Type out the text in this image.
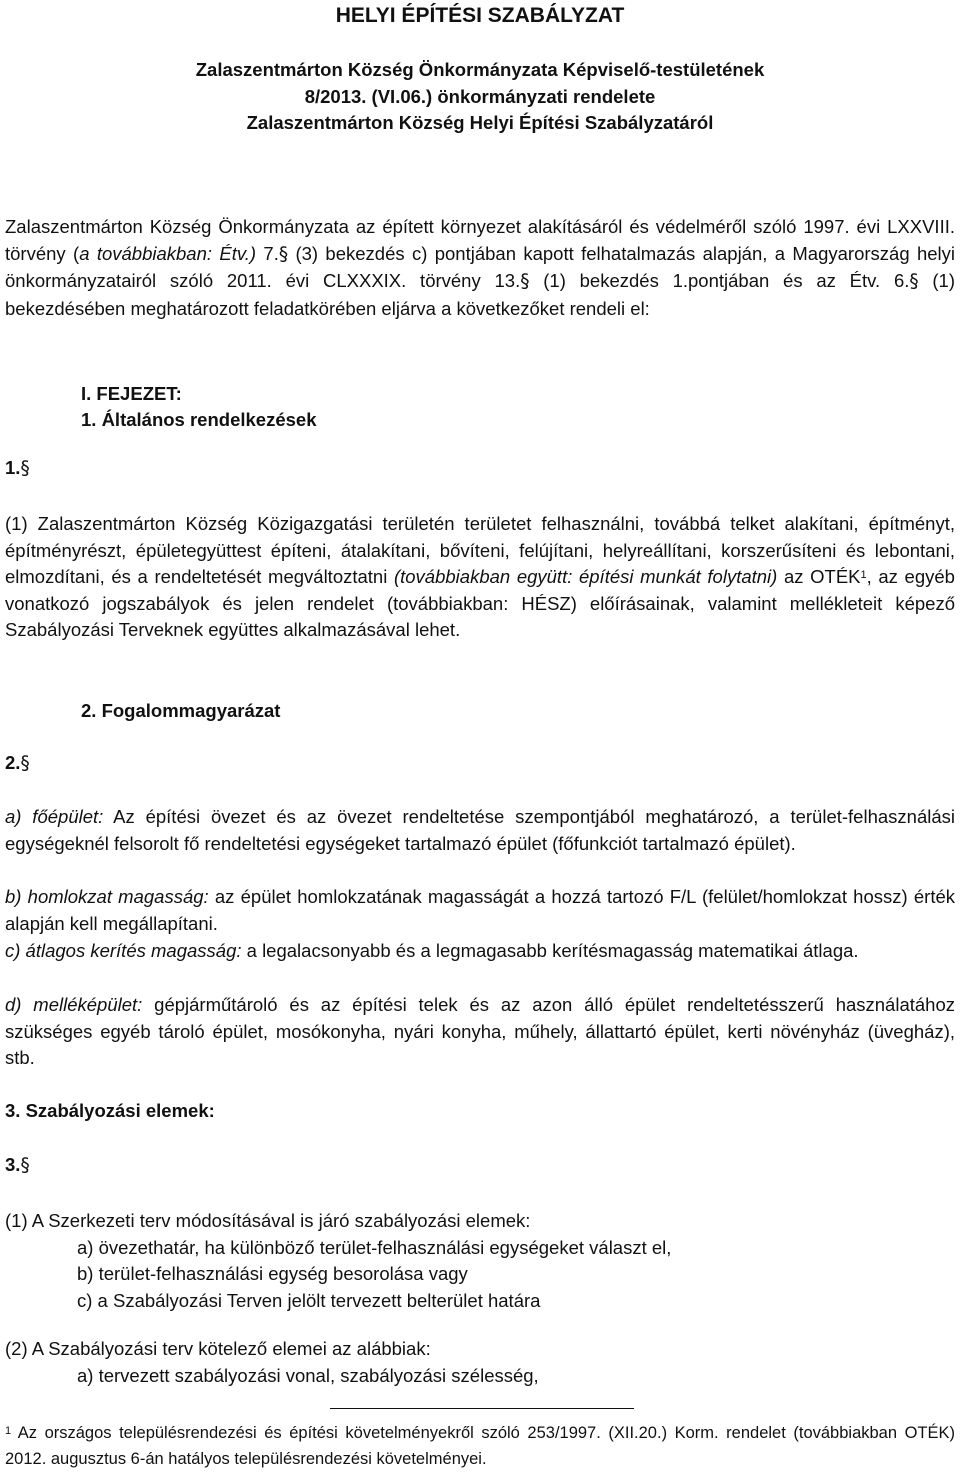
HELYI ÉPÍTÉSI SZABÁLYZAT
Zalaszentmárton Község Önkormányzata Képviselő-testületének
8/2013. (VI.06.) önkormányzati rendelete
Zalaszentmárton Község Helyi Építési Szabályzatáról
Zalaszentmárton Község Önkormányzata az épített környezet alakításáról és védelméről szóló 1997. évi LXXVIII. törvény (a továbbiakban: Étv.) 7.§ (3) bekezdés c) pontjában kapott felhatalmazás alapján, a Magyarország helyi önkormányzatairól szóló 2011. évi CLXXXIX. törvény 13.§ (1) bekezdés 1.pontjában és az Étv. 6.§ (1) bekezdésében meghatározott feladatkörében eljárva a következőket rendeli el:
I. FEJEZET:
1. Általános rendelkezések
1.§
(1) Zalaszentmárton Község Közigazgatási területén területet felhasználni, továbbá telket alakítani, építményt, építményrészt, épületegyüttest építeni, átalakítani, bővíteni, felújítani, helyreállítani, korszerűsíteni és lebontani, elmozdítani, és a rendeltetését megváltoztatni (továbbiakban együtt: építési munkát folytatni) az OTÉK$^1$, az egyéb vonatkozó jogszabályok és jelen rendelet (továbbiakban: HÉSZ) előírásainak, valamint mellékleteit képező Szabályozási Terveknek együttes alkalmazásával lehet.
2. Fogalommagyarázat
2.§
a) főépület: Az építési övezet és az övezet rendeltetése szempontjából meghatározó, a terület-felhasználási egységeknél felsorolt fő rendeltetési egységeket tartalmazó épület (főfunkciót tartalmazó épület).
b) homlokzat magasság: az épület homlokzatának magasságát a hozzá tartozó F/L (felület/homlokzat hossz) érték alapján kell megállapítani.
c) átlagos kerítés magasság: a legalacsonyabb és a legmagasabb kerítésmagasság matematikai átlaga.
d) melléképület: gépjárműtároló és az építési telek és az azon álló épület rendeltetésszerű használatához szükséges egyéb tároló épület, mosókonyha, nyári konyha, műhely, állattartó épület, kerti növényház (üvegház), stb.
3. Szabályozási elemek:
3.§
(1) A Szerkezeti terv módosításával is járó szabályozási elemek:
a) övezethatár, ha különböző terület-felhasználási egységeket választ el,
b) terület-felhasználási egység besorolása vagy
c) a Szabályozási Terven jelölt tervezett belterület határa
(2) A Szabályozási terv kötelező elemei az alábbiak:
a) tervezett szabályozási vonal, szabályozási szélesség,
$^1$ Az országos településrendezési és építési követelményekről szóló 253/1997. (XII.20.) Korm. rendelet (továbbiakban OTÉK) 2012. augusztus 6-án hatályos településrendezési követelményei.
